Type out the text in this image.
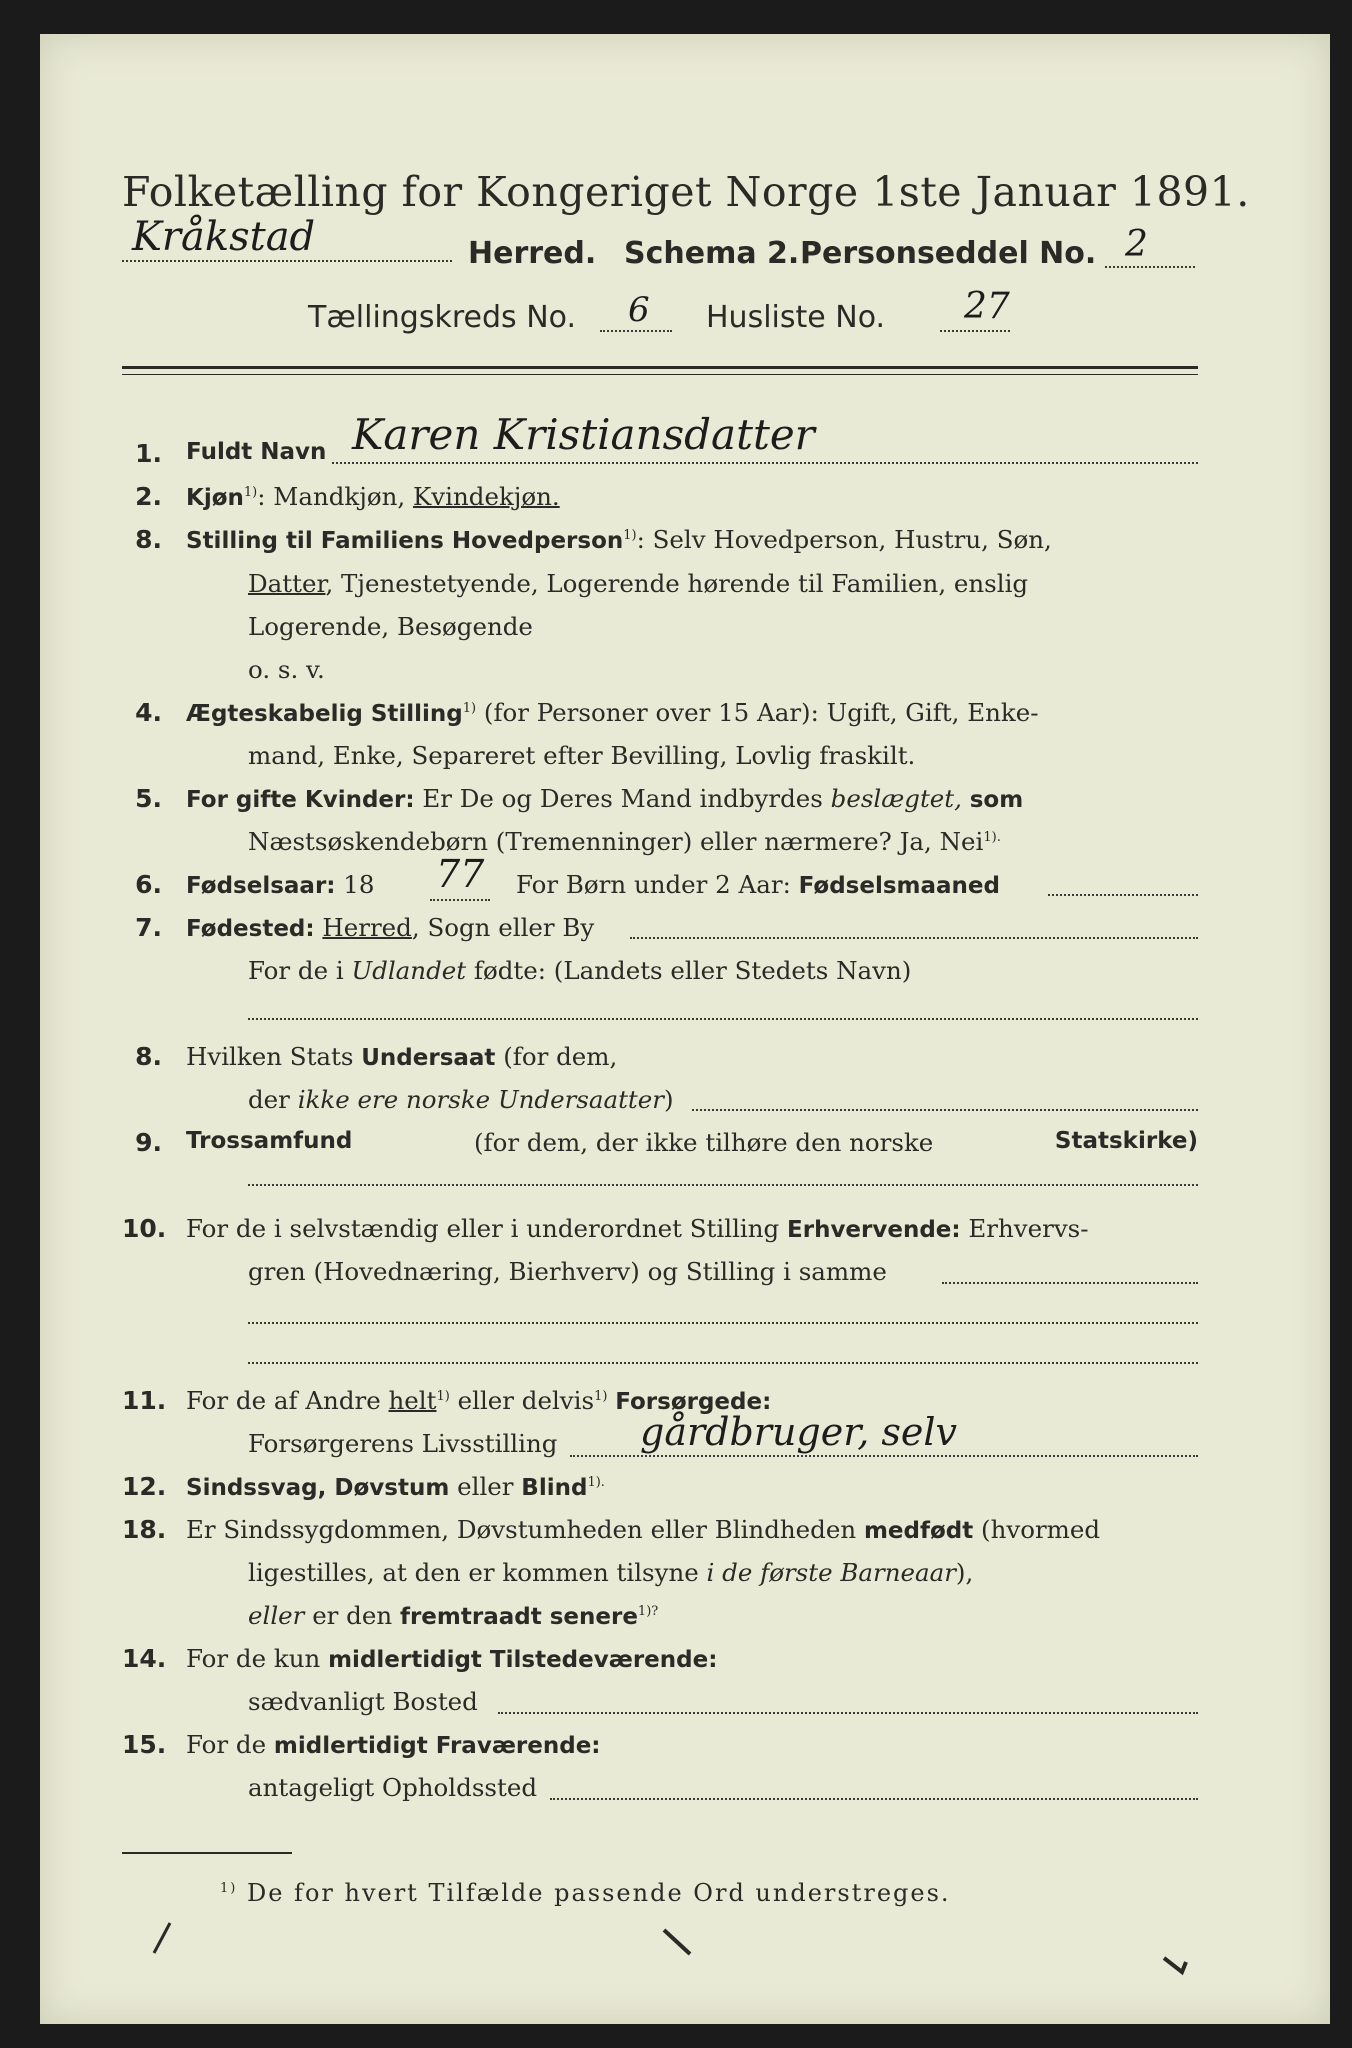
Folketælling for Kongeriget Norge 1ste Januar 1891.
Kråkstad	Herred. Schema 2. Personseddel No. 2
Tællingskreds No. 6 Husliste No. 27
1. Fuldt Navn Karen Kristiansdatter
2. Kjøn$^{1)}$: Mandkjøn, Kvindekjøn.
8. Stilling til Familiens Hovedperson$^{1)}$: Selv Hovedperson, Hustru, Søn,
Datter, Tjenestetyende, Logerende hørende til Familien, enslig
Logerende, Besøgende
o. s. v.
4. Ægteskabelig Stilling$^{1)}$ (for Personer over 15 Aar): Ugift, Gift, Enke-
mand, Enke, Separeret efter Bevilling, Lovlig fraskilt.
5. For gifte Kvinder: Er De og Deres Mand indbyrdes beslægtet, som
Næstsøskendebørn (Tremenninger) eller nærmere? Ja, Nei$^{1).}$
6. Fødselsaar: 18 77 For Børn under 2 Aar: Fødselsmaaned
7. Fødested: Herred, Sogn eller By
For de i Udlandet fødte: (Landets eller Stedets Navn)
8. Hvilken Stats Undersaat (for dem,
der ikke ere norske Undersaatter)
9. Trossamfund	(for dem, der ikke tilhøre den norske	Statskirke)
10. For de i selvstændig eller i underordnet Stilling Erhvervende: Erhvervs-
gren (Hovednæring, Bierhverv) og Stilling i samme
11. For de af Andre helt$^{1)}$ eller delvis$^{1)}$ Forsørgede:
Forsørgerens Livsstilling gårdbruger, selv
12. Sindssvag, Døvstum eller Blind$^{1).}$
18. Er Sindssygdommen, Døvstumheden eller Blindheden medfødt (hvormed
ligestilles, at den er kommen tilsyne i de første Barneaar),
eller er den fremtraadt senere$^{1)?}$
14. For de kun midlertidigt Tilstedeværende:
sædvanligt Bosted
15. For de midlertidigt Fraværende:
antageligt Opholdssted
$^{1)}$ De for hvert Tilfælde passende Ord understreges.
